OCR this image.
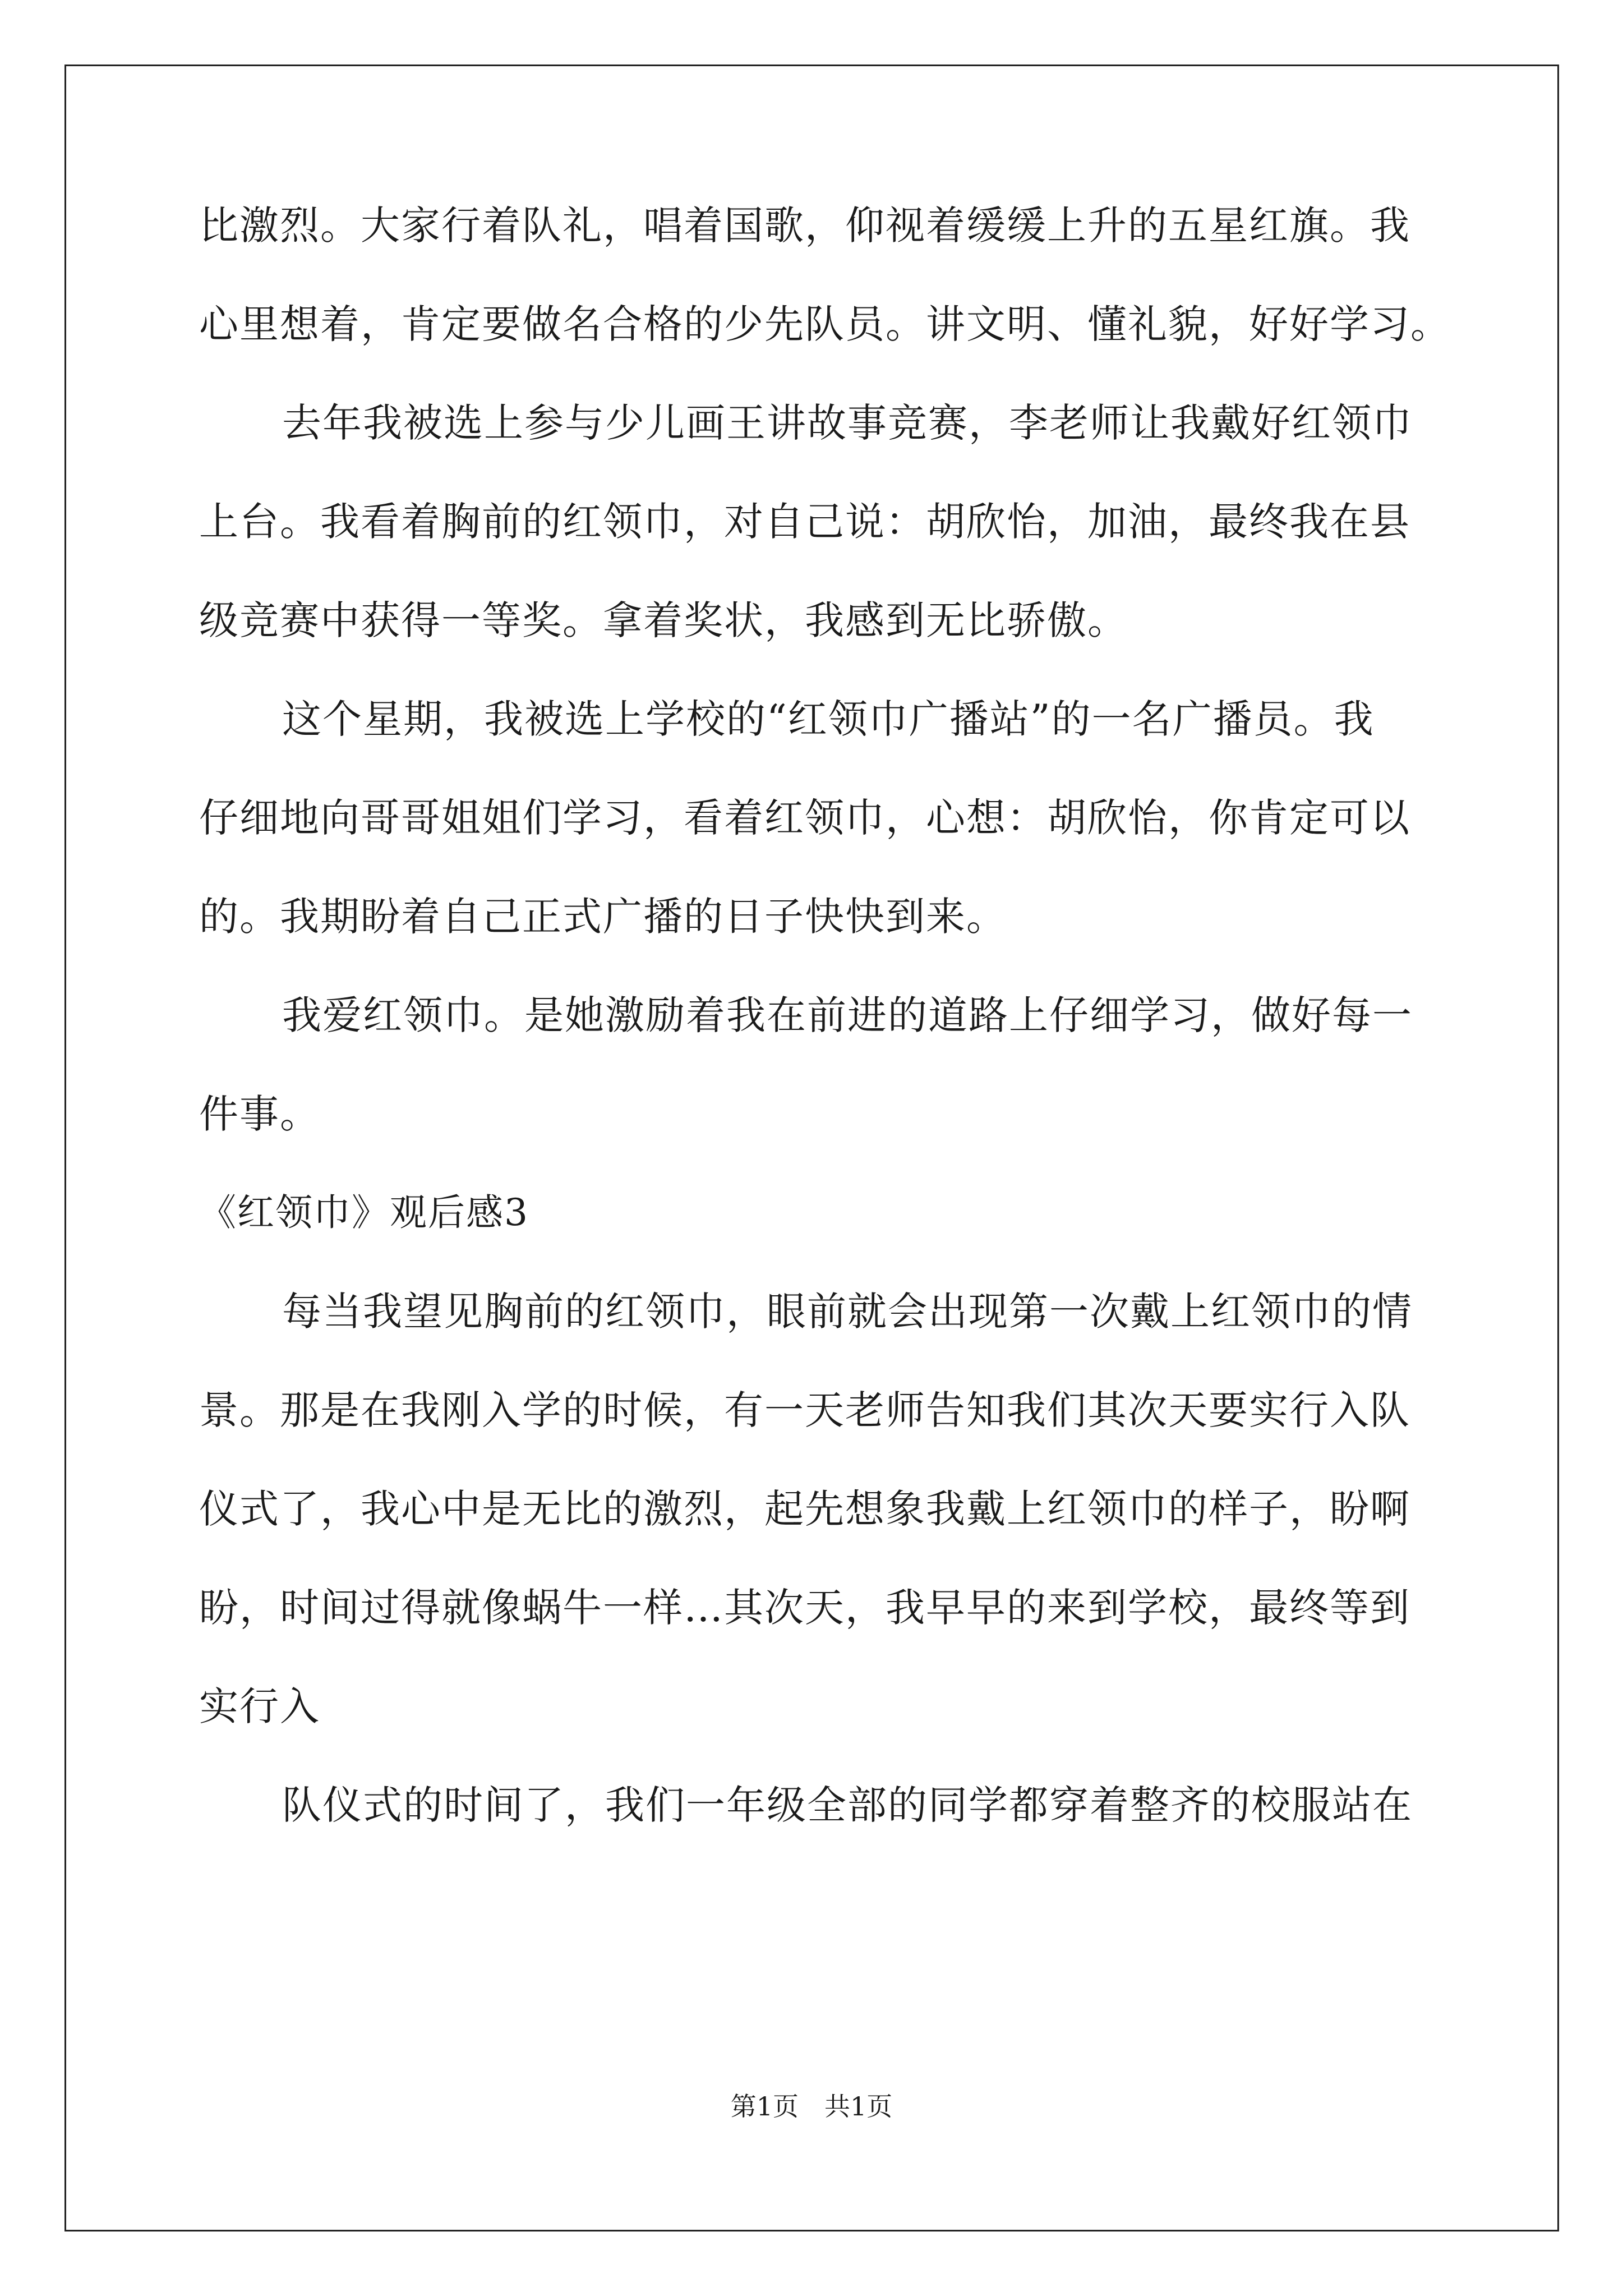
比激烈。大家行着队礼，唱着国歌，仰视着缓缓上升的五星红旗。我
心里想着，肯定要做名合格的少先队员。讲文明、懂礼貌，好好学习。
去年我被选上参与少儿画王讲故事竞赛，李老师让我戴好红领巾
上台。我看着胸前的红领巾，对自己说：胡欣怡，加油，最终我在县
级竞赛中获得一等奖。拿着奖状，我感到无比骄傲。
这个星期，我被选上学校的“红领巾广播站”的一名广播员。我
仔细地向哥哥姐姐们学习，看着红领巾，心想：胡欣怡，你肯定可以
的。我期盼着自己正式广播的日子快快到来。
我爱红领巾。是她激励着我在前进的道路上仔细学习，做好每一
件事。
《红领巾》观后感3
每当我望见胸前的红领巾，眼前就会出现第一次戴上红领巾的情
景。那是在我刚入学的时候，有一天老师告知我们其次天要实行入队
仪式了，我心中是无比的激烈，起先想象我戴上红领巾的样子，盼啊
盼，时间过得就像蜗牛一样…其次天，我早早的来到学校，最终等到
实行入
队仪式的时间了，我们一年级全部的同学都穿着整齐的校服站在
第1页　共1页
